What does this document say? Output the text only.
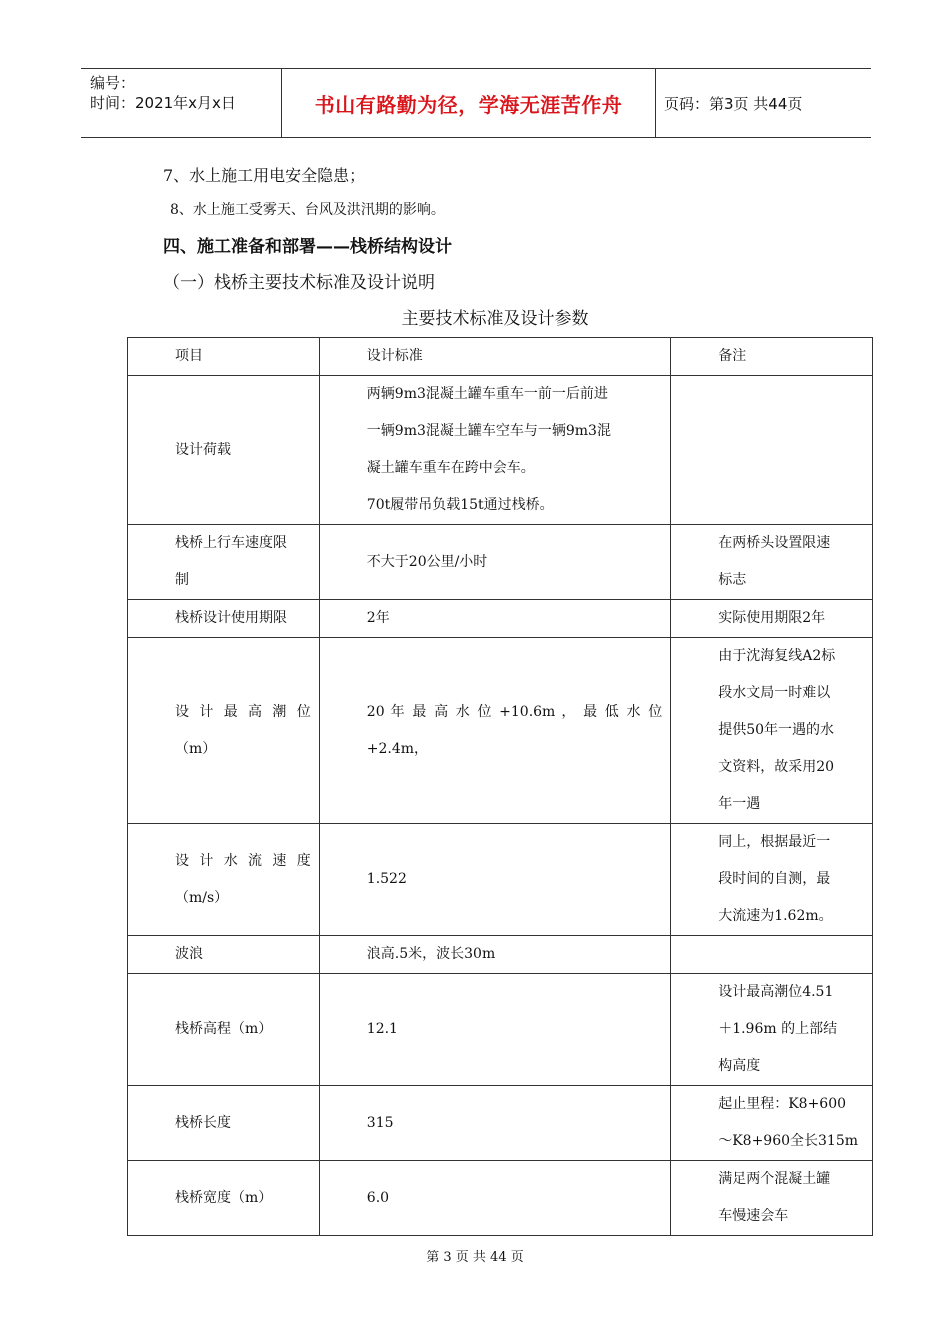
编号：
时间：2021年x月x日	书山有路勤为径，学海无涯苦作舟	页码：第3页 共44页
7、水上施工用电安全隐患；
8、水上施工受雾天、台风及洪汛期的影响。
四、施工准备和部署——栈桥结构设计
（一）栈桥主要技术标准及设计说明
主要技术标准及设计参数
项目	设计标准	备注

设计荷载	两辆9m3混凝土罐车重车一前一后前进
一辆9m3混凝土罐车空车与一辆9m3混
凝土罐车重车在跨中会车。
70t履带吊负载15t通过栈桥。	

栈桥上行车速度限
制	不大于20公里/小时	在两桥头设置限速
标志

栈桥设计使用期限	2年	实际使用期限2年

设 计 最 高 潮 位
（m）	20 年 最 高 水 位 +10.6m ， 最 低 水 位
+2.4m，	由于沈海复线A2标
段水文局一时难以
提供50年一遇的水
文资料，故采用20
年一遇

设 计 水 流 速 度
（m/s）	1.522	同上，根据最近一
段时间的自测，最
大流速为1.62m。

波浪	浪高.5米，波长30m	

栈桥高程（m）	12.1	设计最高潮位4.51
＋1.96m 的上部结
构高度

栈桥长度	315	起止里程：K8+600
～K8+960全长315m

栈桥宽度（m）	6.0	满足两个混凝土罐
车慢速会车
第 3 页 共 44 页
